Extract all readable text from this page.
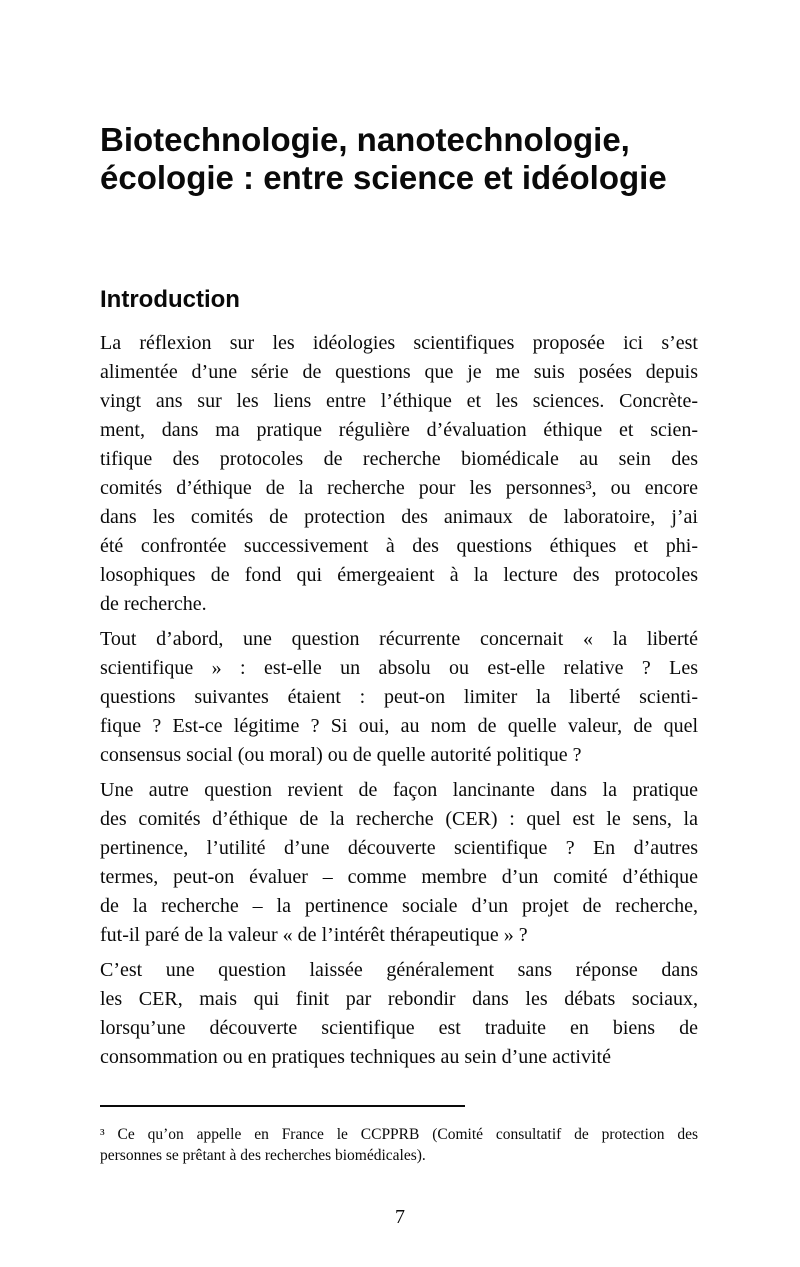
Biotechnologie, nanotechnologie,
écologie : entre science et idéologie
Introduction
La réflexion sur les idéologies scientifiques proposée ici s’est
alimentée d’une série de questions que je me suis posées depuis
vingt ans sur les liens entre l’éthique et les sciences. Concrète-
ment, dans ma pratique régulière d’évaluation éthique et scien-
tifique des protocoles de recherche biomédicale au sein des
comités d’éthique de la recherche pour les personnes³, ou encore
dans les comités de protection des animaux de laboratoire, j’ai
été confrontée successivement à des questions éthiques et phi-
losophiques de fond qui émergeaient à la lecture des protocoles
de recherche.
Tout d’abord, une question récurrente concernait « la liberté
scientifique » : est-elle un absolu ou est-elle relative ? Les
questions suivantes étaient : peut-on limiter la liberté scienti-
fique ? Est-ce légitime ? Si oui, au nom de quelle valeur, de quel
consensus social (ou moral) ou de quelle autorité politique ?
Une autre question revient de façon lancinante dans la pratique
des comités d’éthique de la recherche (CER) : quel est le sens, la
pertinence, l’utilité d’une découverte scientifique ? En d’autres
termes, peut-on évaluer – comme membre d’un comité d’éthique
de la recherche – la pertinence sociale d’un projet de recherche,
fut-il paré de la valeur « de l’intérêt thérapeutique » ?
C’est une question laissée généralement sans réponse dans
les CER, mais qui finit par rebondir dans les débats sociaux,
lorsqu’une découverte scientifique est traduite en biens de
consommation ou en pratiques techniques au sein d’une activité
³ Ce qu’on appelle en France le CCPPRB (Comité consultatif de protection des
personnes se prêtant à des recherches biomédicales).
7
